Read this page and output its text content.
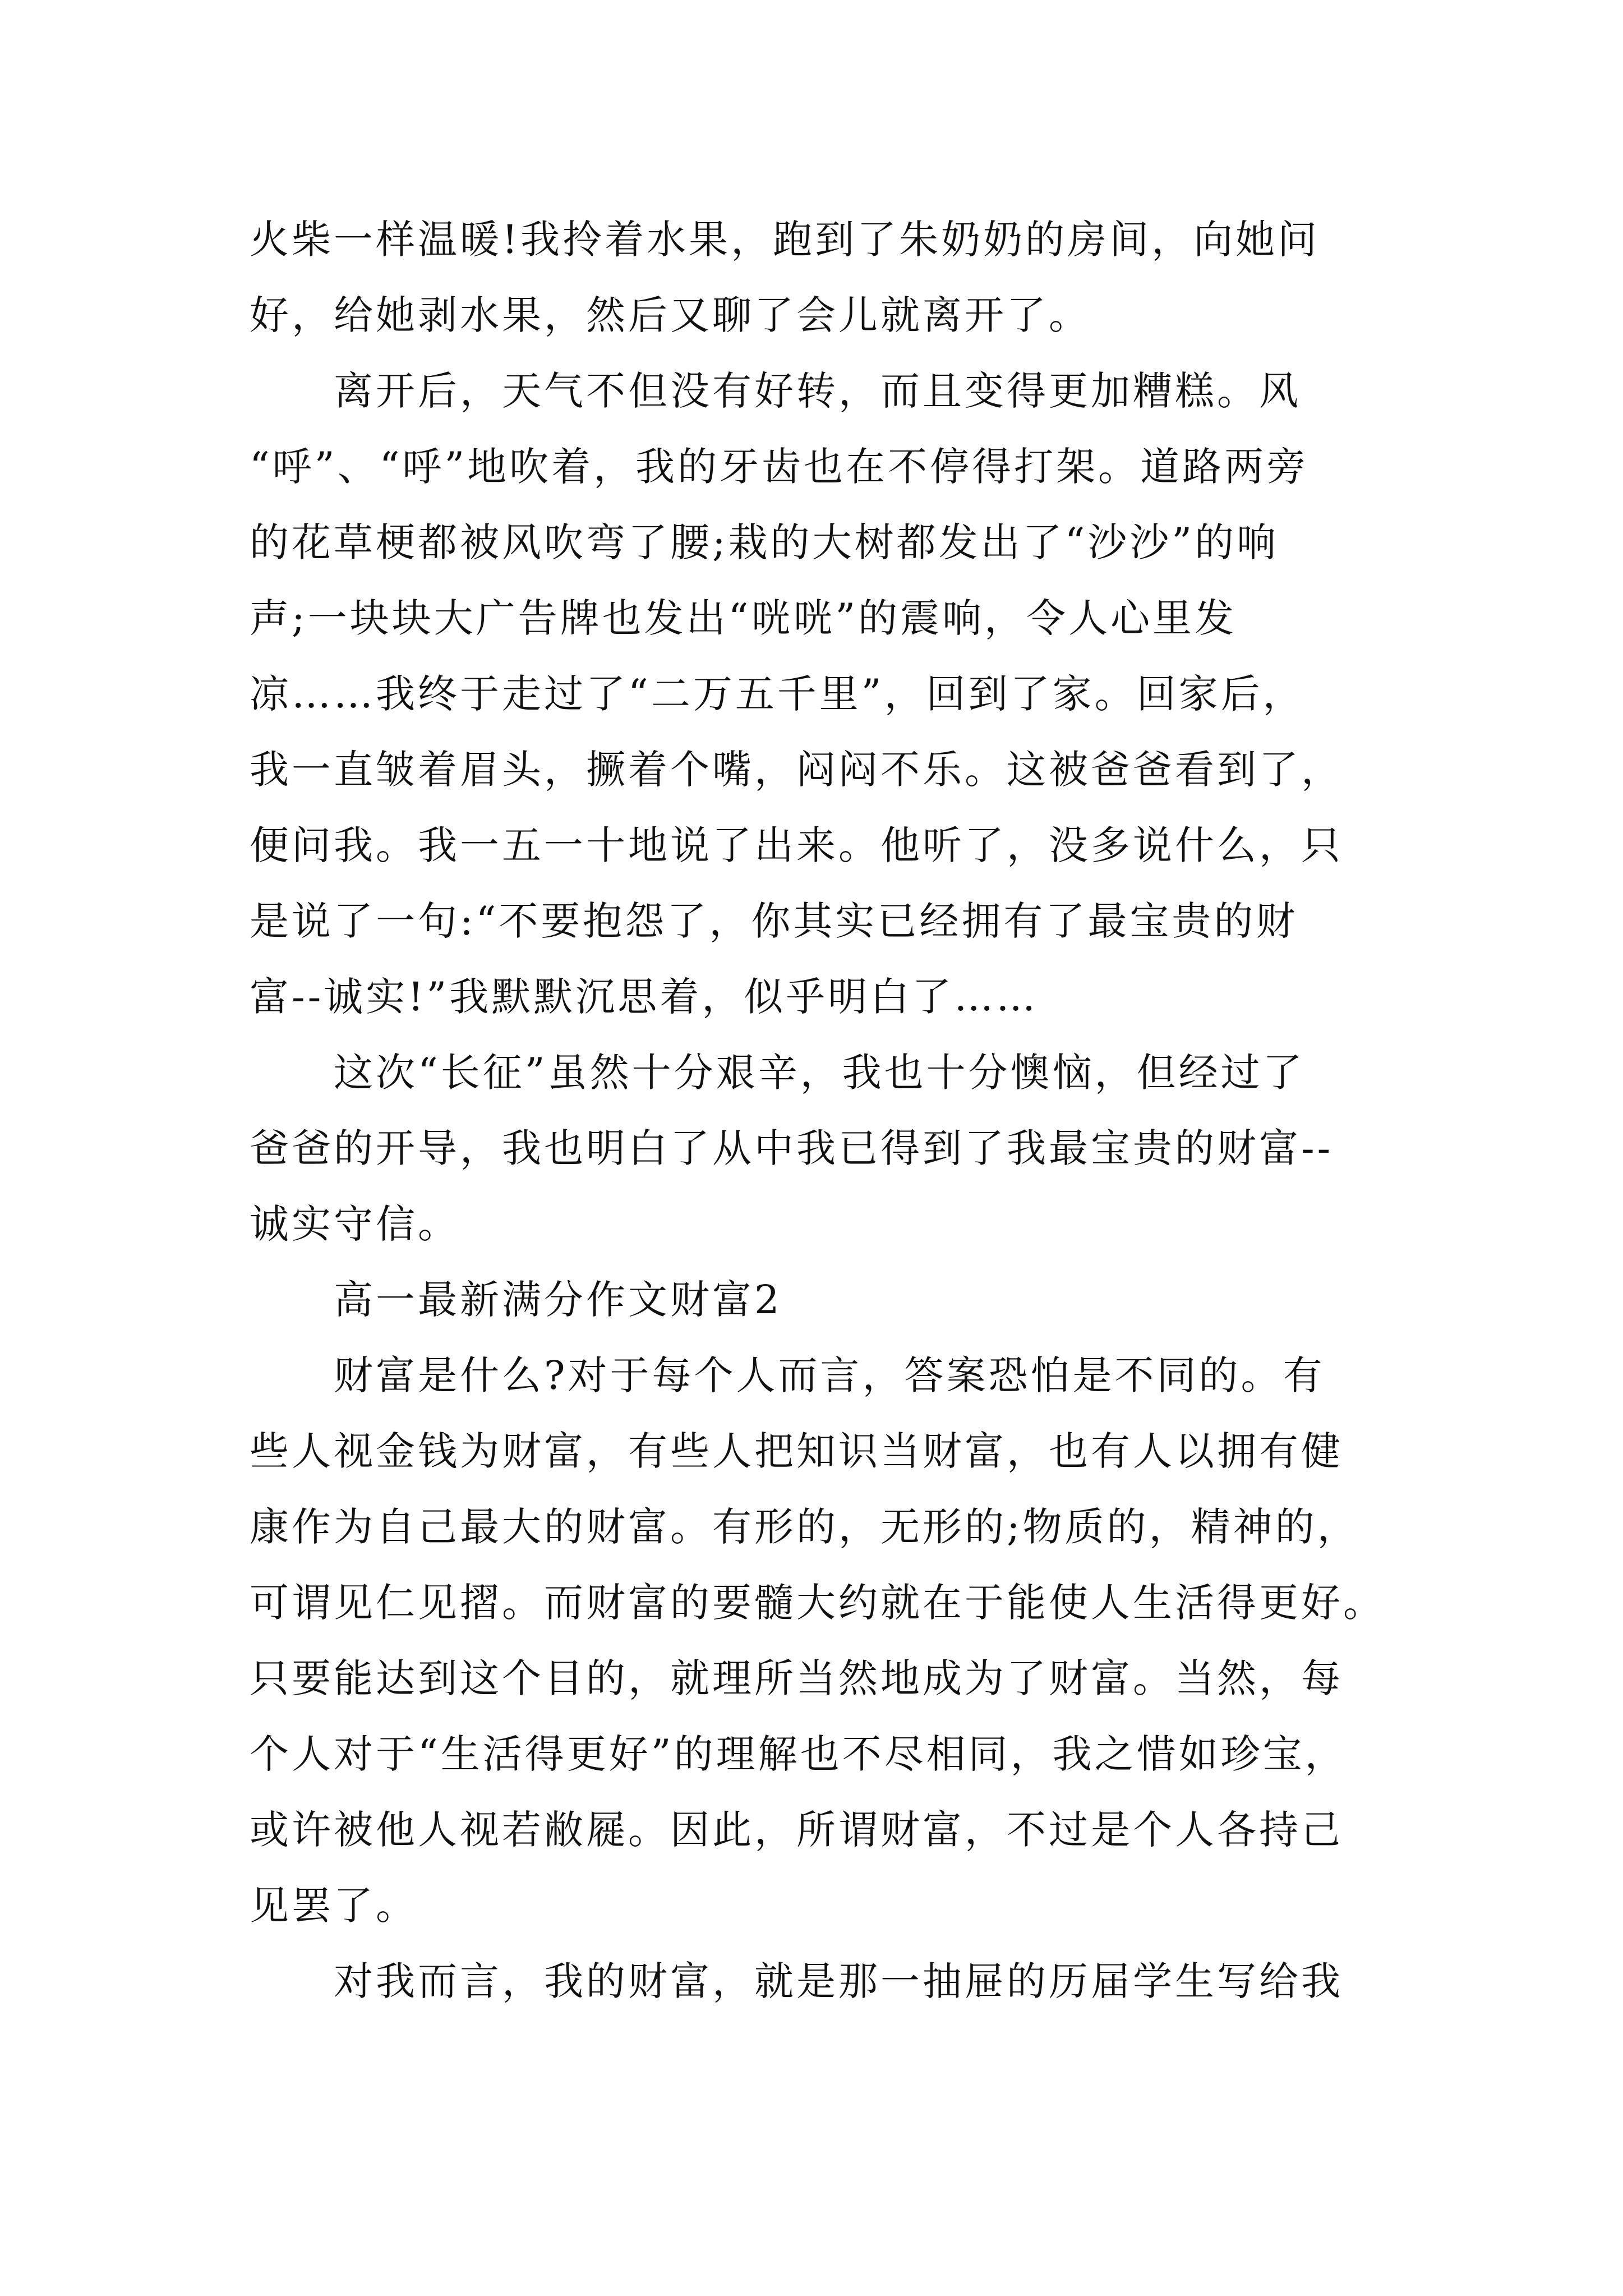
火柴一样温暖!我拎着水果，跑到了朱奶奶的房间，向她问
好，给她剥水果，然后又聊了会儿就离开了。
离开后，天气不但没有好转，而且变得更加糟糕。风
“呼”、“呼”地吹着，我的牙齿也在不停得打架。道路两旁
的花草梗都被风吹弯了腰;栽的大树都发出了“沙沙”的响
声;一块块大广告牌也发出“咣咣”的震响，令人心里发
凉……我终于走过了“二万五千里”，回到了家。回家后，
我一直皱着眉头，撅着个嘴，闷闷不乐。这被爸爸看到了，
便问我。我一五一十地说了出来。他听了，没多说什么，只
是说了一句:“不要抱怨了，你其实已经拥有了最宝贵的财
富--诚实!”我默默沉思着，似乎明白了……
这次“长征”虽然十分艰辛，我也十分懊恼，但经过了
爸爸的开导，我也明白了从中我已得到了我最宝贵的财富--
诚实守信。
高一最新满分作文财富2
财富是什么?对于每个人而言，答案恐怕是不同的。有
些人视金钱为财富，有些人把知识当财富，也有人以拥有健
康作为自己最大的财富。有形的，无形的;物质的，精神的，
可谓见仁见摺。而财富的要髓大约就在于能使人生活得更好。
只要能达到这个目的，就理所当然地成为了财富。当然，每
个人对于“生活得更好”的理解也不尽相同，我之惜如珍宝，
或许被他人视若敝屣。因此，所谓财富，不过是个人各持己
见罢了。
对我而言，我的财富，就是那一抽屉的历届学生写给我
